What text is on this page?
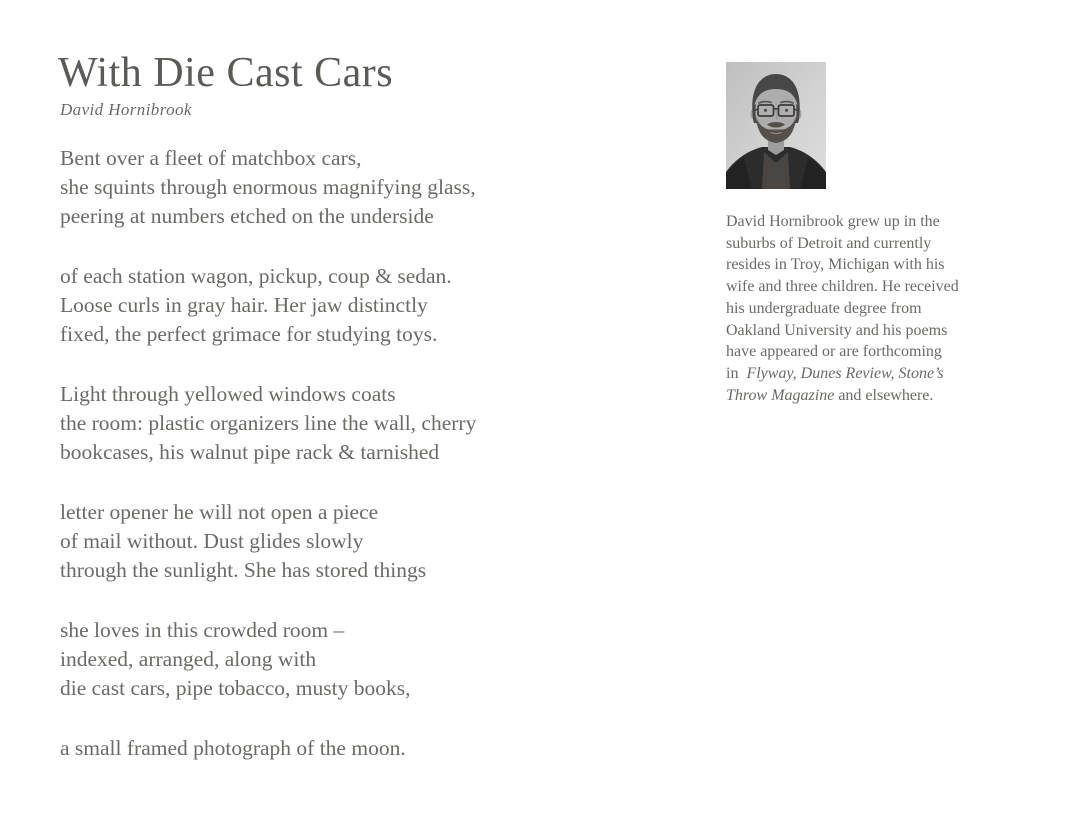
With Die Cast Cars
David Hornibrook
Bent over a fleet of matchbox cars,
she squints through enormous magnifying glass,
peering at numbers etched on the underside
of each station wagon, pickup, coup & sedan.
Loose curls in gray hair. Her jaw distinctly
fixed, the perfect grimace for studying toys.
Light through yellowed windows coats
the room: plastic organizers line the wall, cherry
bookcases, his walnut pipe rack & tarnished
letter opener he will not open a piece
of mail without. Dust glides slowly
through the sunlight. She has stored things
she loves in this crowded room –
indexed, arranged, along with
die cast cars, pipe tobacco, musty books,
a small framed photograph of the moon.
David Hornibrook grew up in the
suburbs of Detroit and currently
resides in Troy, Michigan with his
wife and three children. He received
his undergraduate degree from
Oakland University and his poems
have appeared or are forthcoming
in  Flyway, Dunes Review, Stone’s
Throw Magazine and elsewhere.
